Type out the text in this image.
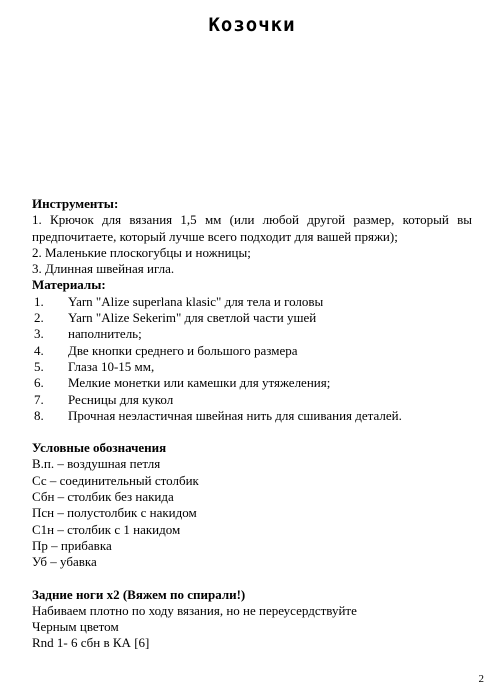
Козочки
Инструменты:
1. Крючок для вязания 1,5 мм (или любой другой размер, который вы предпочитаете, который лучше всего подходит для вашей пряжи);
2. Маленькие плоскогубцы и ножницы;
3. Длинная швейная игла.
Материалы:
1.	Yarn "Alize superlana klasic" для тела и головы
2.	Yarn "Alize Sekerim" для светлой части ушей
3.	наполнитель;
4.	Две кнопки среднего и большого размера
5.	Глаза 10-15 мм,
6.	Мелкие монетки или камешки для утяжеления;
7.	Ресницы для кукол
8.	Прочная неэластичная швейная нить для сшивания деталей.
Условные обозначения
В.п. – воздушная петля
Сс – соединительный столбик
Сбн – столбик без накида
Псн – полустолбик с накидом
С1н – столбик с 1 накидом
Пр – прибавка
Уб – убавка
Задние ноги х2 (Вяжем по спирали!)
Набиваем плотно по ходу вязания, но не переусердствуйте
Черным цветом
Rnd 1- 6 сбн в КА [6]
2
